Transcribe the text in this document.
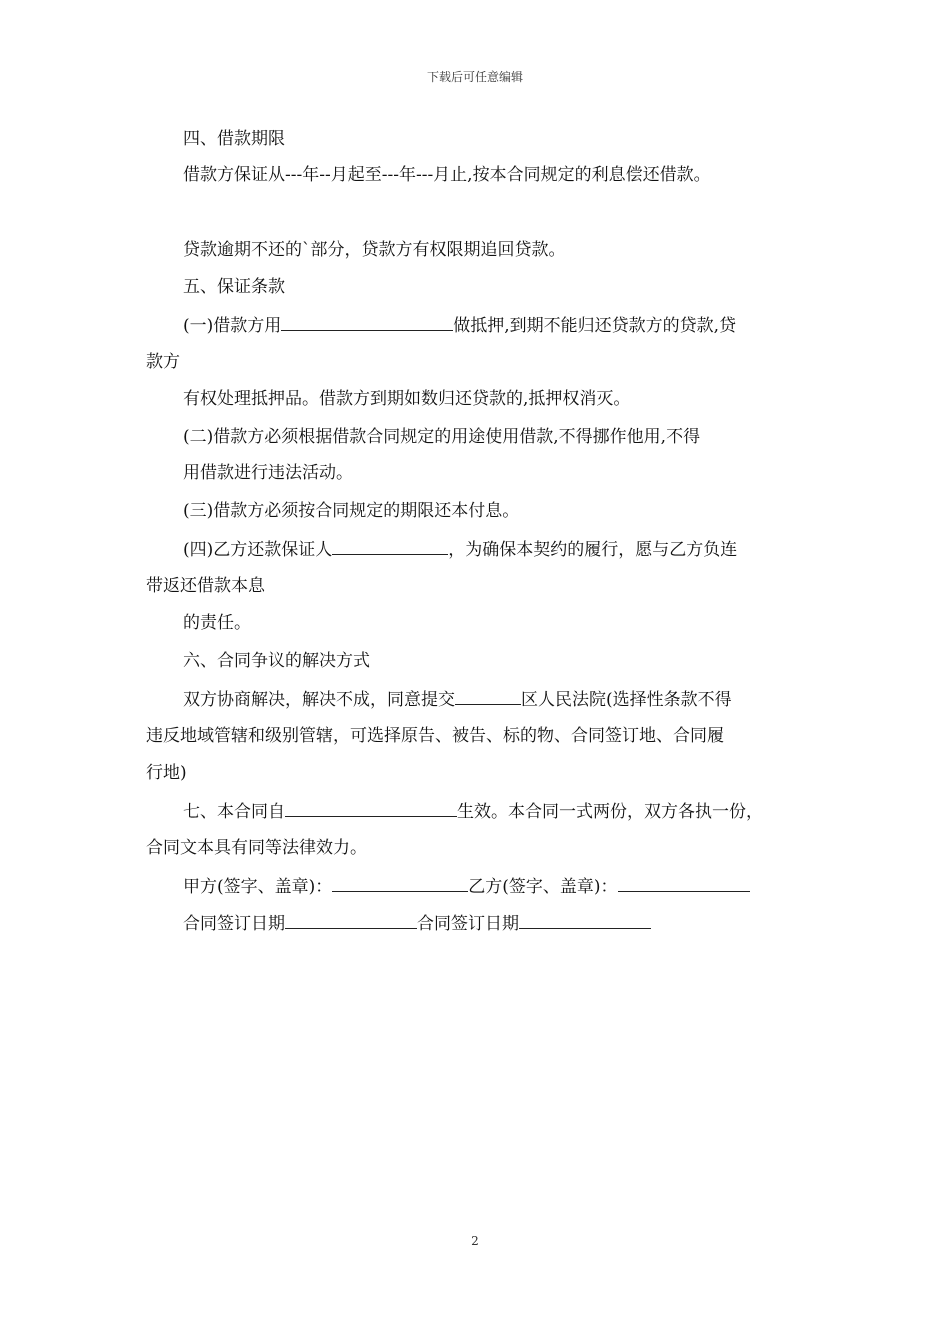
下载后可任意编辑
四、借款期限
借款方保证从---年--月起至---年---月止,按本合同规定的利息偿还借款。
贷款逾期不还的`部分，贷款方有权限期追回贷款。
五、保证条款
(一)借款方用	做抵押,到期不能归还贷款方的贷款,贷
款方
有权处理抵押品。借款方到期如数归还贷款的,抵押权消灭。
(二)借款方必须根据借款合同规定的用途使用借款,不得挪作他用,不得
用借款进行违法活动。
(三)借款方必须按合同规定的期限还本付息。
(四)乙方还款保证人	，为确保本契约的履行，愿与乙方负连
带返还借款本息
的责任。
六、合同争议的解决方式
双方协商解决，解决不成，同意提交	区人民法院(选择性条款不得
违反地域管辖和级别管辖，可选择原告、被告、标的物、合同签订地、合同履
行地)
七、本合同自	生效。本合同一式两份，双方各执一份，
合同文本具有同等法律效力。
甲方(签字、盖章)：	乙方(签字、盖章)：
合同签订日期	合同签订日期
2
